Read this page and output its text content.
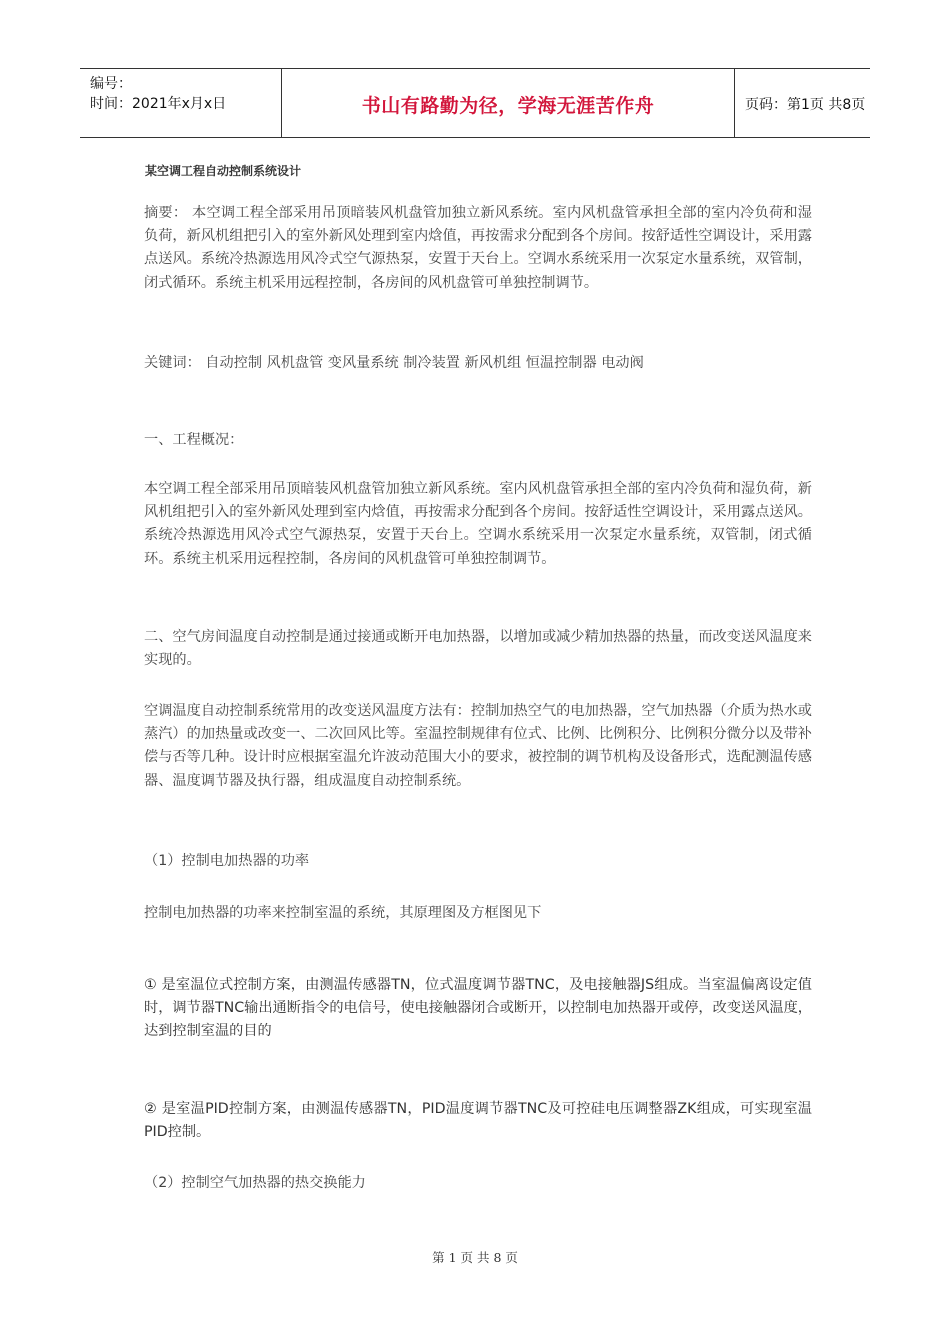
编号：
时间：2021年x月x日	书山有路勤为径，学海无涯苦作舟	页码：第1页 共8页
某空调工程自动控制系统设计

摘要： 本空调工程全部采用吊顶暗装风机盘管加独立新风系统。室内风机盘管承担全部的室内冷负荷和湿负荷，新风机组把引入的室外新风处理到室内焓值，再按需求分配到各个房间。按舒适性空调设计，采用露点送风。系统冷热源选用风冷式空气源热泵，安置于天台上。空调水系统采用一次泵定水量系统，双管制，闭式循环。系统主机采用远程控制，各房间的风机盘管可单独控制调节。

关键词： 自动控制 风机盘管 变风量系统 制冷装置 新风机组 恒温控制器 电动阀

一、工程概况：

本空调工程全部采用吊顶暗装风机盘管加独立新风系统。室内风机盘管承担全部的室内冷负荷和湿负荷，新风机组把引入的室外新风处理到室内焓值，再按需求分配到各个房间。按舒适性空调设计，采用露点送风。系统冷热源选用风冷式空气源热泵，安置于天台上。空调水系统采用一次泵定水量系统，双管制，闭式循环。系统主机采用远程控制，各房间的风机盘管可单独控制调节。

二、空气房间温度自动控制是通过接通或断开电加热器，以增加或减少精加热器的热量，而改变送风温度来实现的。

空调温度自动控制系统常用的改变送风温度方法有：控制加热空气的电加热器，空气加热器（介质为热水或蒸汽）的加热量或改变一、二次回风比等。室温控制规律有位式、比例、比例积分、比例积分微分以及带补偿与否等几种。设计时应根据室温允许波动范围大小的要求，被控制的调节机构及设备形式，选配测温传感器、温度调节器及执行器，组成温度自动控制系统。

（1）控制电加热器的功率

控制电加热器的功率来控制室温的系统，其原理图及方框图见下

① 是室温位式控制方案，由测温传感器TN，位式温度调节器TNC，及电接触器JS组成。当室温偏离设定值时，调节器TNC输出通断指令的电信号，使电接触器闭合或断开，以控制电加热器开或停，改变送风温度，达到控制室温的目的

② 是室温PID控制方案，由测温传感器TN，PID温度调节器TNC及可控硅电压调整器ZK组成，可实现室温PID控制。

（2）控制空气加热器的热交换能力

第 1 页 共 8 页
